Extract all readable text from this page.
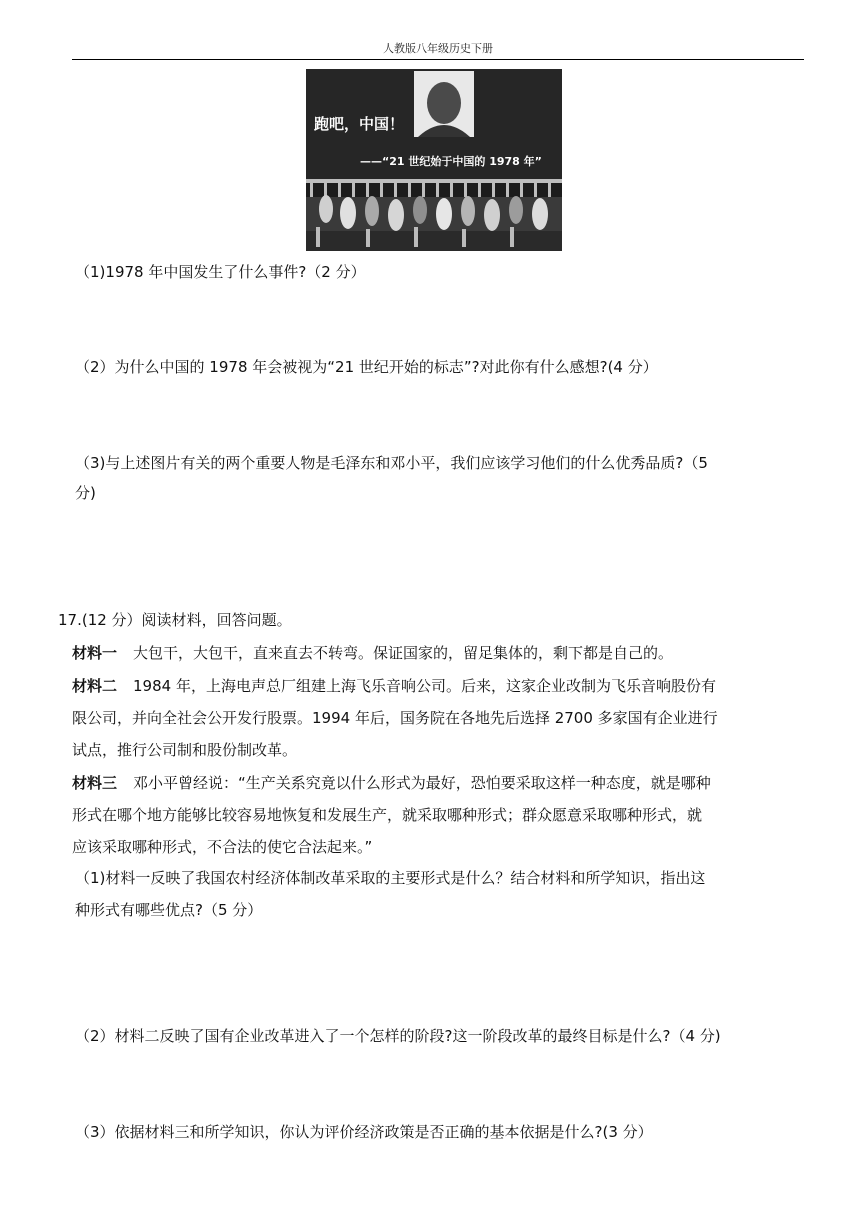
人教版八年级历史下册
跑吧，中国！
——“21 世纪始于中国的 1978 年”
（1)1978 年中国发生了什么事件?（2 分）
（2）为什么中国的 1978 年会被视为“21 世纪开始的标志”?对此你有什么感想?(4 分）
（3)与上述图片有关的两个重要人物是毛泽东和邓小平，我们应该学习他们的什么优秀品质?（5
分)
17.(12 分）阅读材料，回答问题。
材料一 大包干，大包干，直来直去不转弯。保证国家的，留足集体的，剩下都是自己的。
材料二 1984 年，上海电声总厂组建上海飞乐音响公司。后来，这家企业改制为飞乐音响股份有
限公司，并向全社会公开发行股票。1994 年后，国务院在各地先后选择 2700 多家国有企业进行
试点，推行公司制和股份制改革。
材料三 邓小平曾经说：“生产关系究竟以什么形式为最好，恐怕要采取这样一种态度，就是哪种
形式在哪个地方能够比较容易地恢复和发展生产，就采取哪种形式；群众愿意采取哪种形式，就
应该采取哪种形式，不合法的使它合法起来。”
（1)材料一反映了我国农村经济体制改革采取的主要形式是什么？结合材料和所学知识，指出这
种形式有哪些优点?（5 分）
（2）材料二反映了国有企业改革进入了一个怎样的阶段?这一阶段改革的最终目标是什么?（4 分)
（3）依据材料三和所学知识，你认为评价经济政策是否正确的基本依据是什么?(3 分）
